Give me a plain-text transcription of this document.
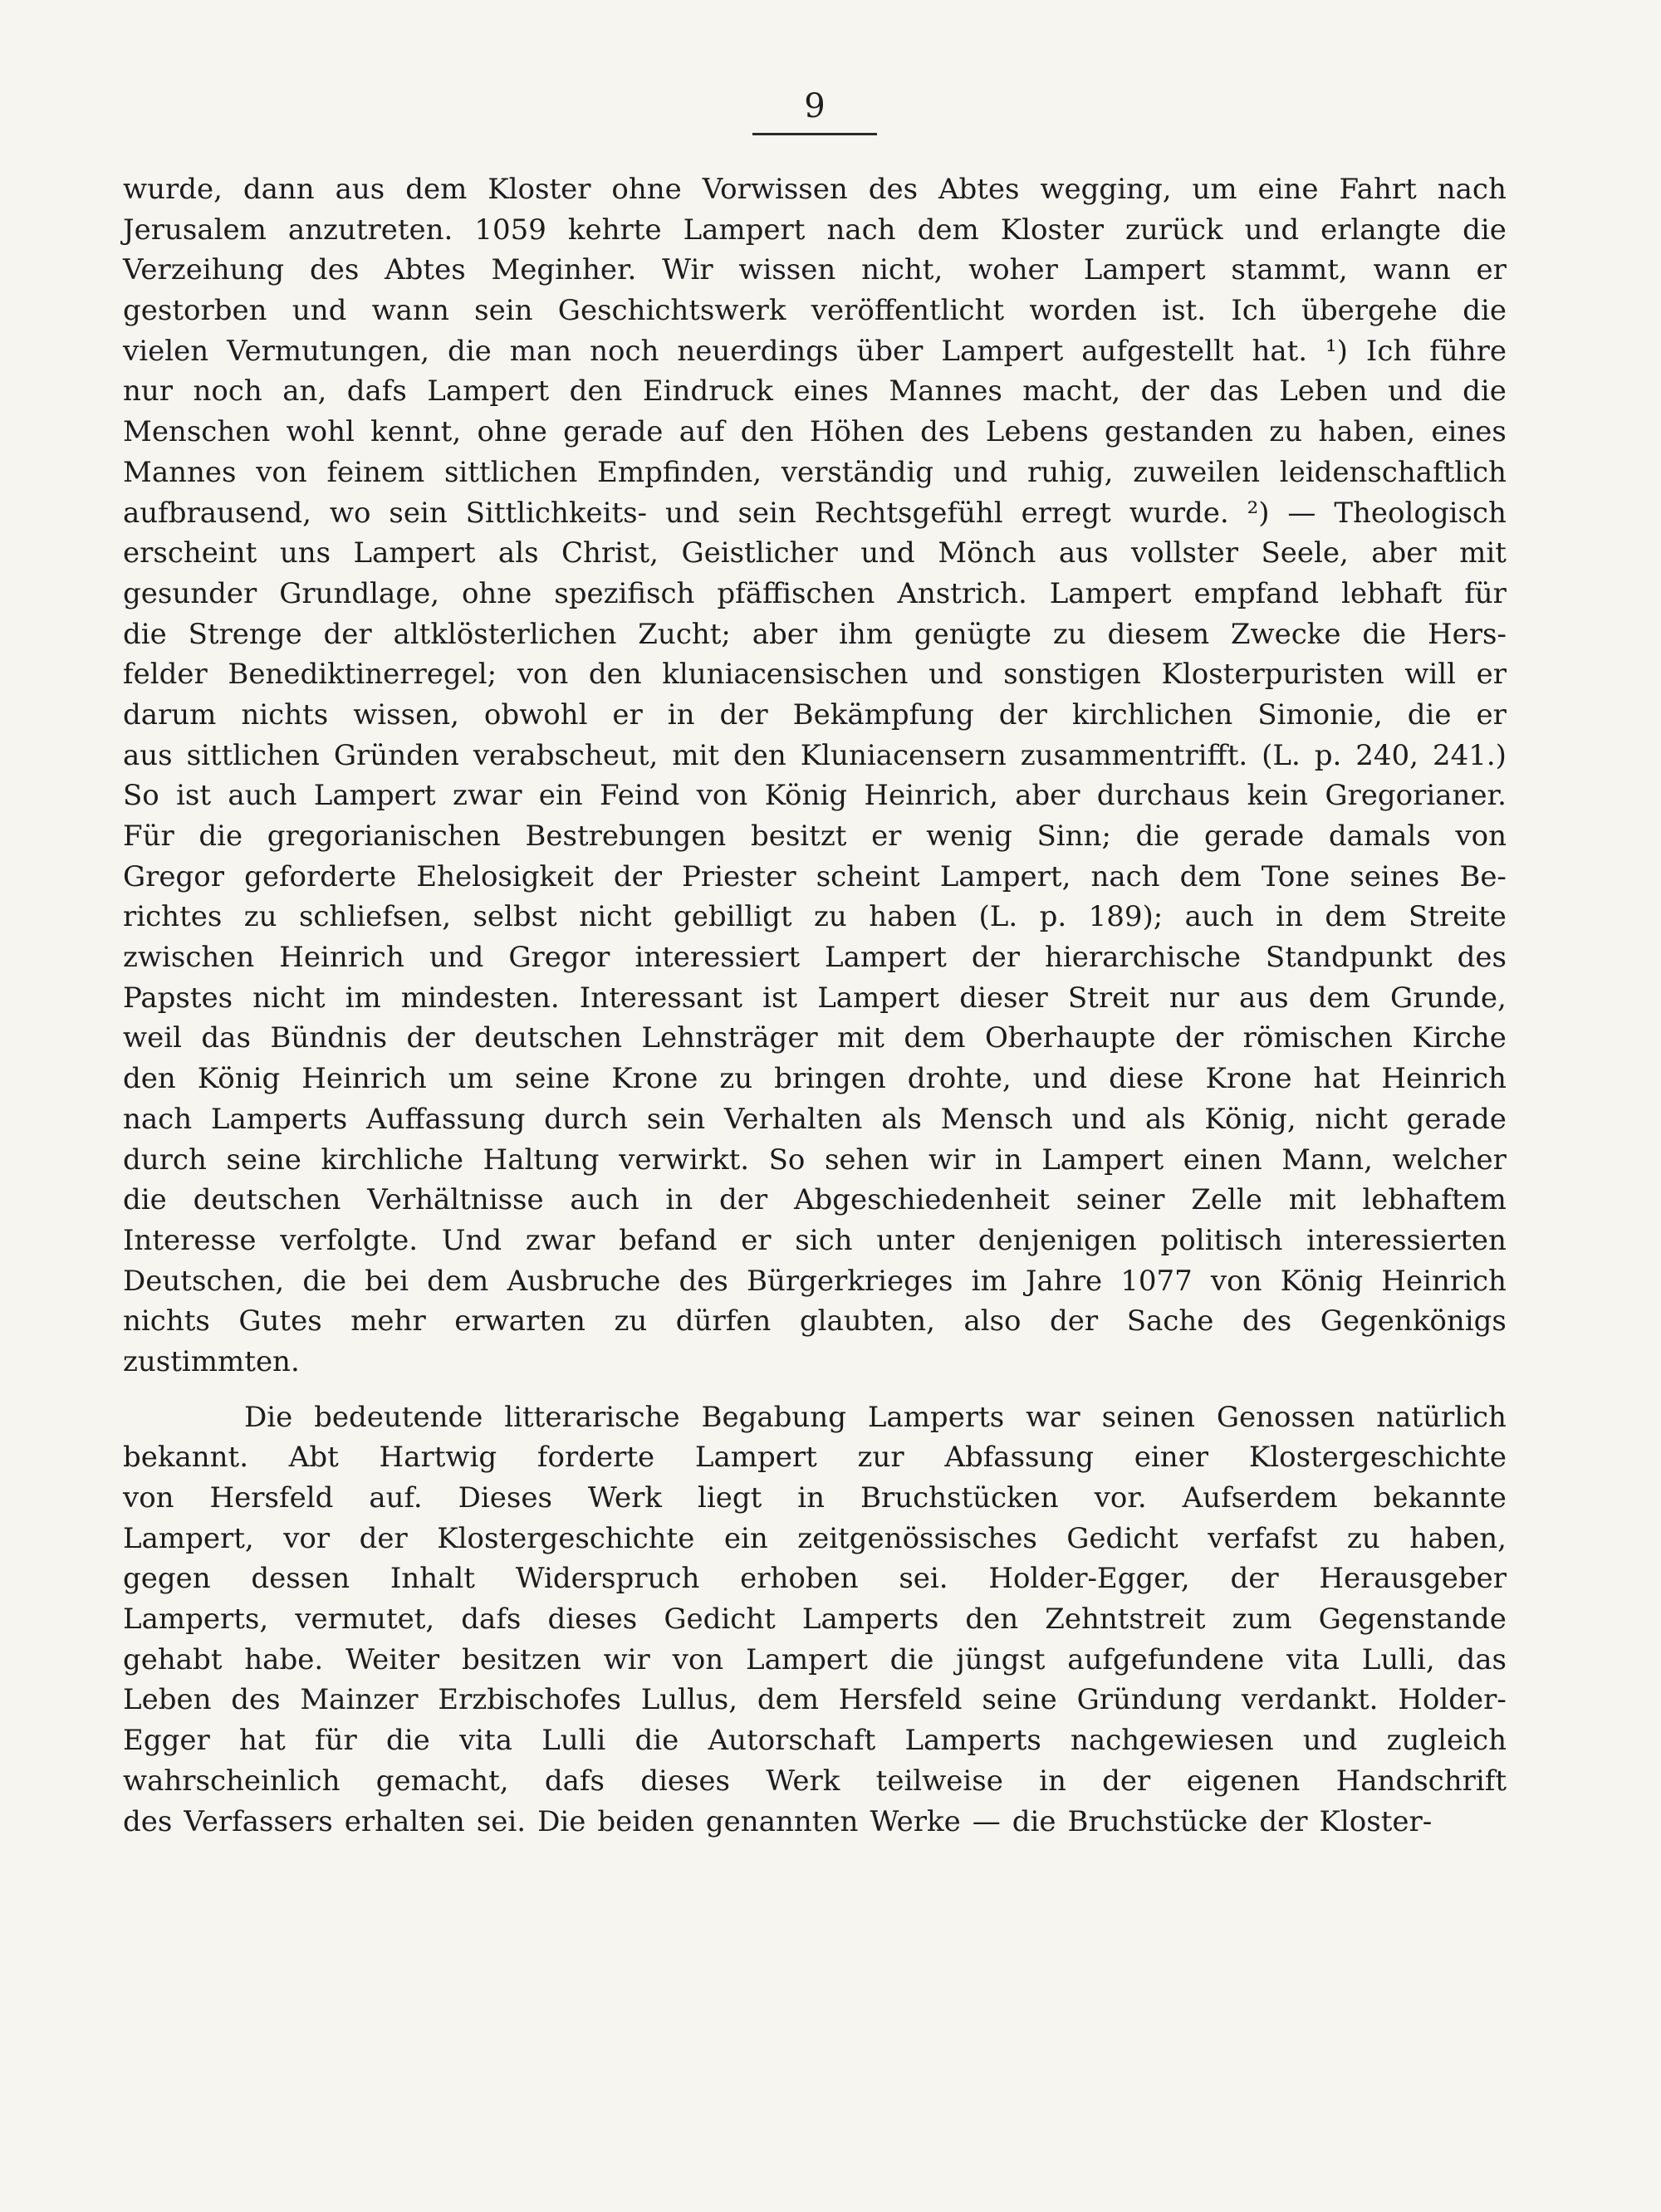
9
wurde, dann aus dem Kloster ohne Vorwissen des Abtes wegging, um eine Fahrt nach
Jerusalem anzutreten. 1059 kehrte Lampert nach dem Kloster zurück und erlangte die
Verzeihung des Abtes Meginher. Wir wissen nicht, woher Lampert stammt, wann er
gestorben und wann sein Geschichtswerk veröffentlicht worden ist. Ich übergehe die
vielen Vermutungen, die man noch neuerdings über Lampert aufgestellt hat. ¹) Ich führe
nur noch an, dafs Lampert den Eindruck eines Mannes macht, der das Leben und die
Menschen wohl kennt, ohne gerade auf den Höhen des Lebens gestanden zu haben, eines
Mannes von feinem sittlichen Empfinden, verständig und ruhig, zuweilen leidenschaftlich
aufbrausend, wo sein Sittlichkeits- und sein Rechtsgefühl erregt wurde. ²) — Theologisch
erscheint uns Lampert als Christ, Geistlicher und Mönch aus vollster Seele, aber mit
gesunder Grundlage, ohne spezifisch pfäffischen Anstrich. Lampert empfand lebhaft für
die Strenge der altklösterlichen Zucht; aber ihm genügte zu diesem Zwecke die Hers-
felder Benediktinerregel; von den kluniacensischen und sonstigen Klosterpuristen will er
darum nichts wissen, obwohl er in der Bekämpfung der kirchlichen Simonie, die er
aus sittlichen Gründen verabscheut, mit den Kluniacensern zusammentrifft. (L. p. 240, 241.)
So ist auch Lampert zwar ein Feind von König Heinrich, aber durchaus kein Gregorianer.
Für die gregorianischen Bestrebungen besitzt er wenig Sinn; die gerade damals von
Gregor geforderte Ehelosigkeit der Priester scheint Lampert, nach dem Tone seines Be-
richtes zu schliefsen, selbst nicht gebilligt zu haben (L. p. 189); auch in dem Streite
zwischen Heinrich und Gregor interessiert Lampert der hierarchische Standpunkt des
Papstes nicht im mindesten. Interessant ist Lampert dieser Streit nur aus dem Grunde,
weil das Bündnis der deutschen Lehnsträger mit dem Oberhaupte der römischen Kirche
den König Heinrich um seine Krone zu bringen drohte, und diese Krone hat Heinrich
nach Lamperts Auffassung durch sein Verhalten als Mensch und als König, nicht gerade
durch seine kirchliche Haltung verwirkt. So sehen wir in Lampert einen Mann, welcher
die deutschen Verhältnisse auch in der Abgeschiedenheit seiner Zelle mit lebhaftem
Interesse verfolgte. Und zwar befand er sich unter denjenigen politisch interessierten
Deutschen, die bei dem Ausbruche des Bürgerkrieges im Jahre 1077 von König Heinrich
nichts Gutes mehr erwarten zu dürfen glaubten, also der Sache des Gegenkönigs
zustimmten.
Die bedeutende litterarische Begabung Lamperts war seinen Genossen natürlich
bekannt. Abt Hartwig forderte Lampert zur Abfassung einer Klostergeschichte
von Hersfeld auf. Dieses Werk liegt in Bruchstücken vor. Aufserdem bekannte
Lampert, vor der Klostergeschichte ein zeitgenössisches Gedicht verfafst zu haben,
gegen dessen Inhalt Widerspruch erhoben sei. Holder-Egger, der Herausgeber
Lamperts, vermutet, dafs dieses Gedicht Lamperts den Zehntstreit zum Gegenstande
gehabt habe. Weiter besitzen wir von Lampert die jüngst aufgefundene vita Lulli, das
Leben des Mainzer Erzbischofes Lullus, dem Hersfeld seine Gründung verdankt. Holder-
Egger hat für die vita Lulli die Autorschaft Lamperts nachgewiesen und zugleich
wahrscheinlich gemacht, dafs dieses Werk teilweise in der eigenen Handschrift
des Verfassers erhalten sei. Die beiden genannten Werke — die Bruchstücke der Kloster-
